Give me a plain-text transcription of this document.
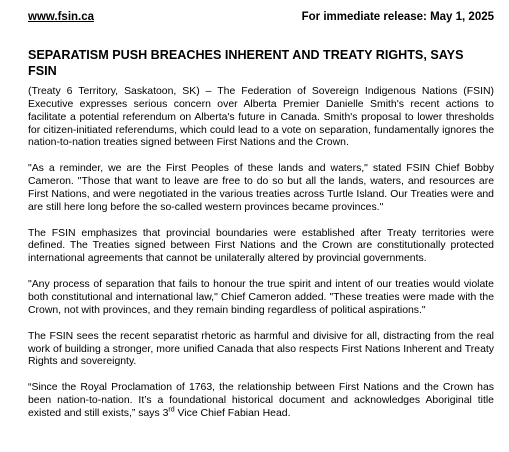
www.fsin.ca	For immediate release: May 1, 2025
SEPARATISM PUSH BREACHES INHERENT AND TREATY RIGHTS, SAYS FSIN

(Treaty 6 Territory, Saskatoon, SK) – The Federation of Sovereign Indigenous Nations (FSIN) Executive expresses serious concern over Alberta Premier Danielle Smith's recent actions to facilitate a potential referendum on Alberta's future in Canada. Smith's proposal to lower thresholds for citizen-initiated referendums, which could lead to a vote on separation, fundamentally ignores the nation-to-nation treaties signed between First Nations and the Crown.

"As a reminder, we are the First Peoples of these lands and waters," stated FSIN Chief Bobby Cameron. "Those that want to leave are free to do so but all the lands, waters, and resources are First Nations, and were negotiated in the various treaties across Turtle Island. Our Treaties were and are still here long before the so-called western provinces became provinces."

The FSIN emphasizes that provincial boundaries were established after Treaty territories were defined. The Treaties signed between First Nations and the Crown are constitutionally protected international agreements that cannot be unilaterally altered by provincial governments.

"Any process of separation that fails to honour the true spirit and intent of our treaties would violate both constitutional and international law," Chief Cameron added. "These treaties were made with the Crown, not with provinces, and they remain binding regardless of political aspirations."

The FSIN sees the recent separatist rhetoric as harmful and divisive for all, distracting from the real work of building a stronger, more unified Canada that also respects First Nations Inherent and Treaty Rights and sovereignty.

“Since the Royal Proclamation of 1763, the relationship between First Nations and the Crown has been nation-to-nation. It’s a foundational historical document and acknowledges Aboriginal title existed and still exists,” says 3rd Vice Chief Fabian Head.
